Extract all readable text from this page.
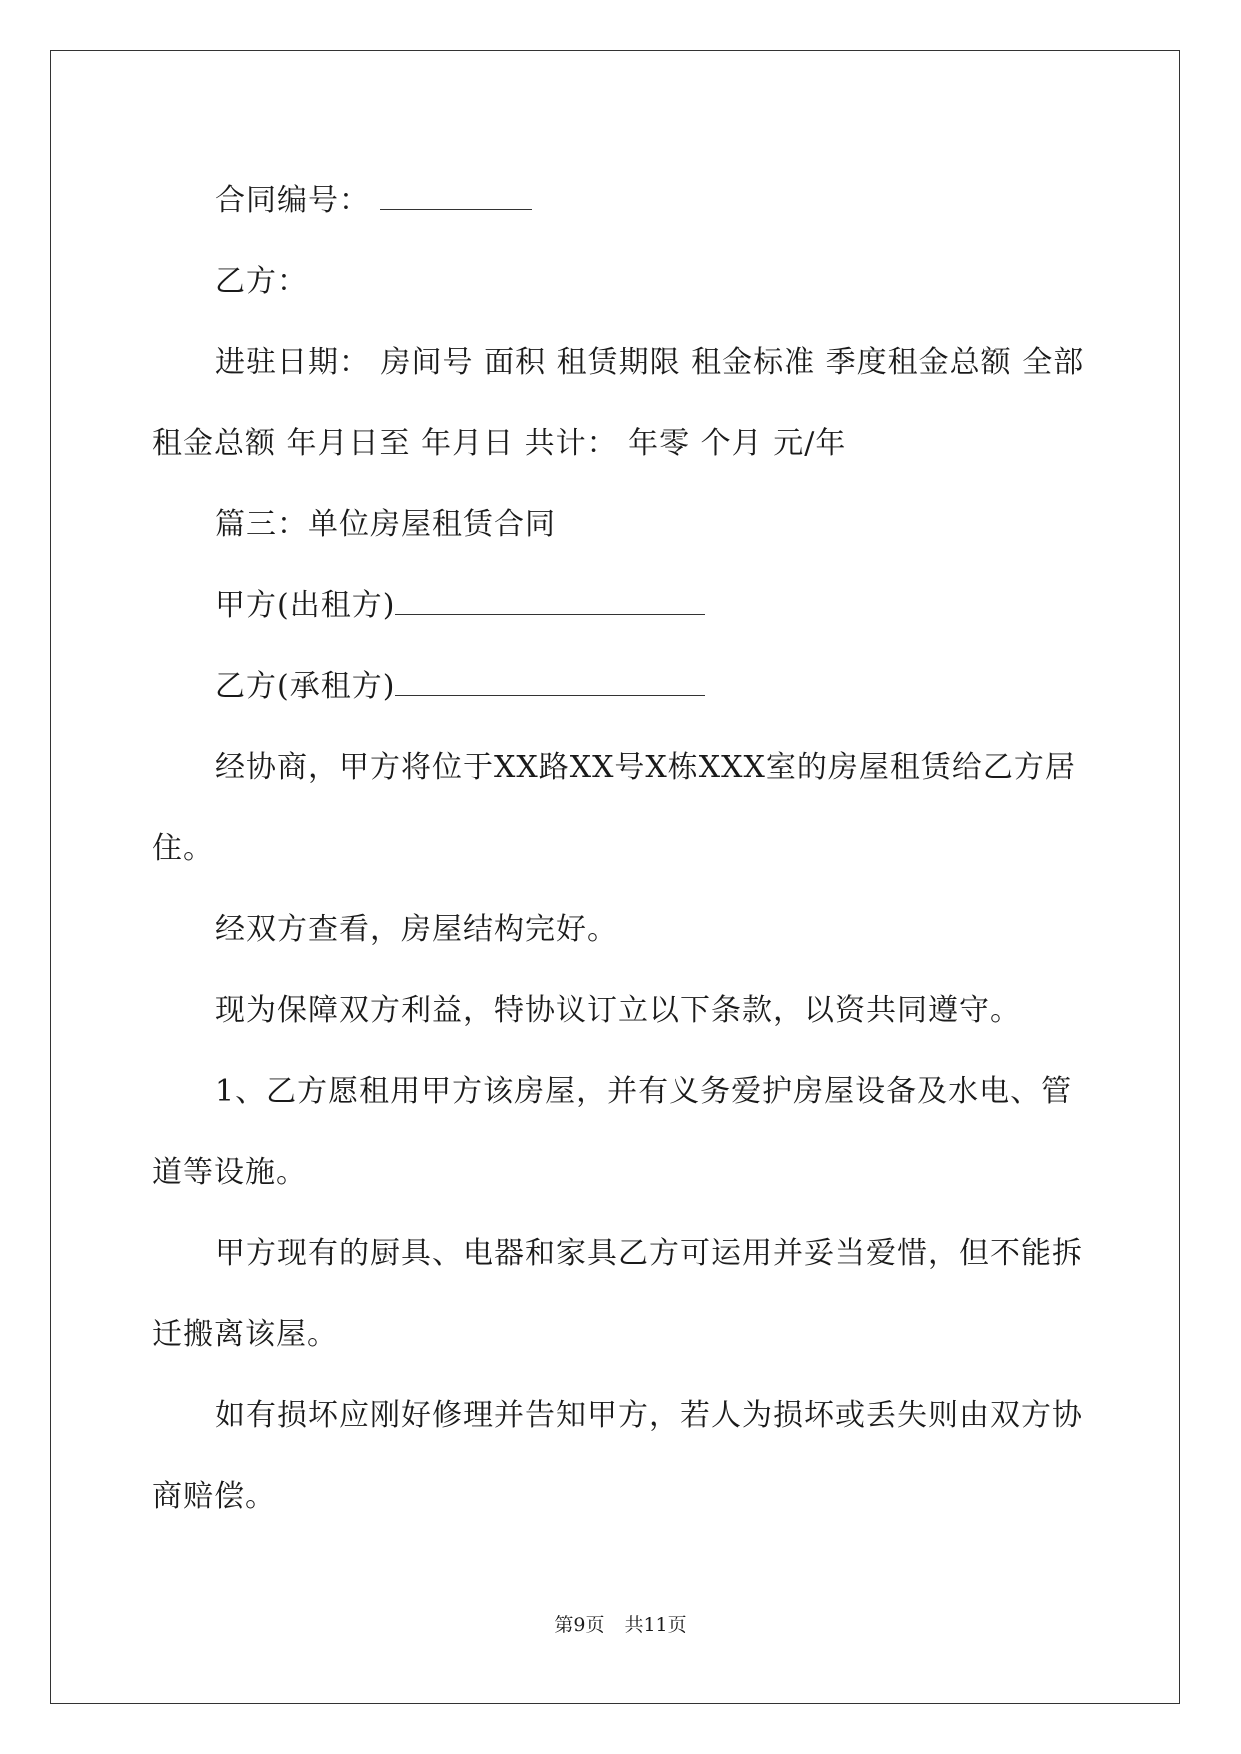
合同编号：

乙方：

进驻日期： 房间号 面积 租赁期限 租金标准 季度租金总额 全部租金总额 年月日至 年月日 共计： 年零 个月 元/年

篇三：单位房屋租赁合同

甲方(出租方)

乙方(承租方)

经协商，甲方将位于XX路XX号X栋XXX室的房屋租赁给乙方居住。

经双方查看，房屋结构完好。

现为保障双方利益，特协议订立以下条款，以资共同遵守。

1、乙方愿租用甲方该房屋，并有义务爱护房屋设备及水电、管道等设施。

甲方现有的厨具、电器和家具乙方可运用并妥当爱惜，但不能拆迁搬离该屋。

如有损坏应刚好修理并告知甲方，若人为损坏或丢失则由双方协商赔偿。

第9页 共11页
